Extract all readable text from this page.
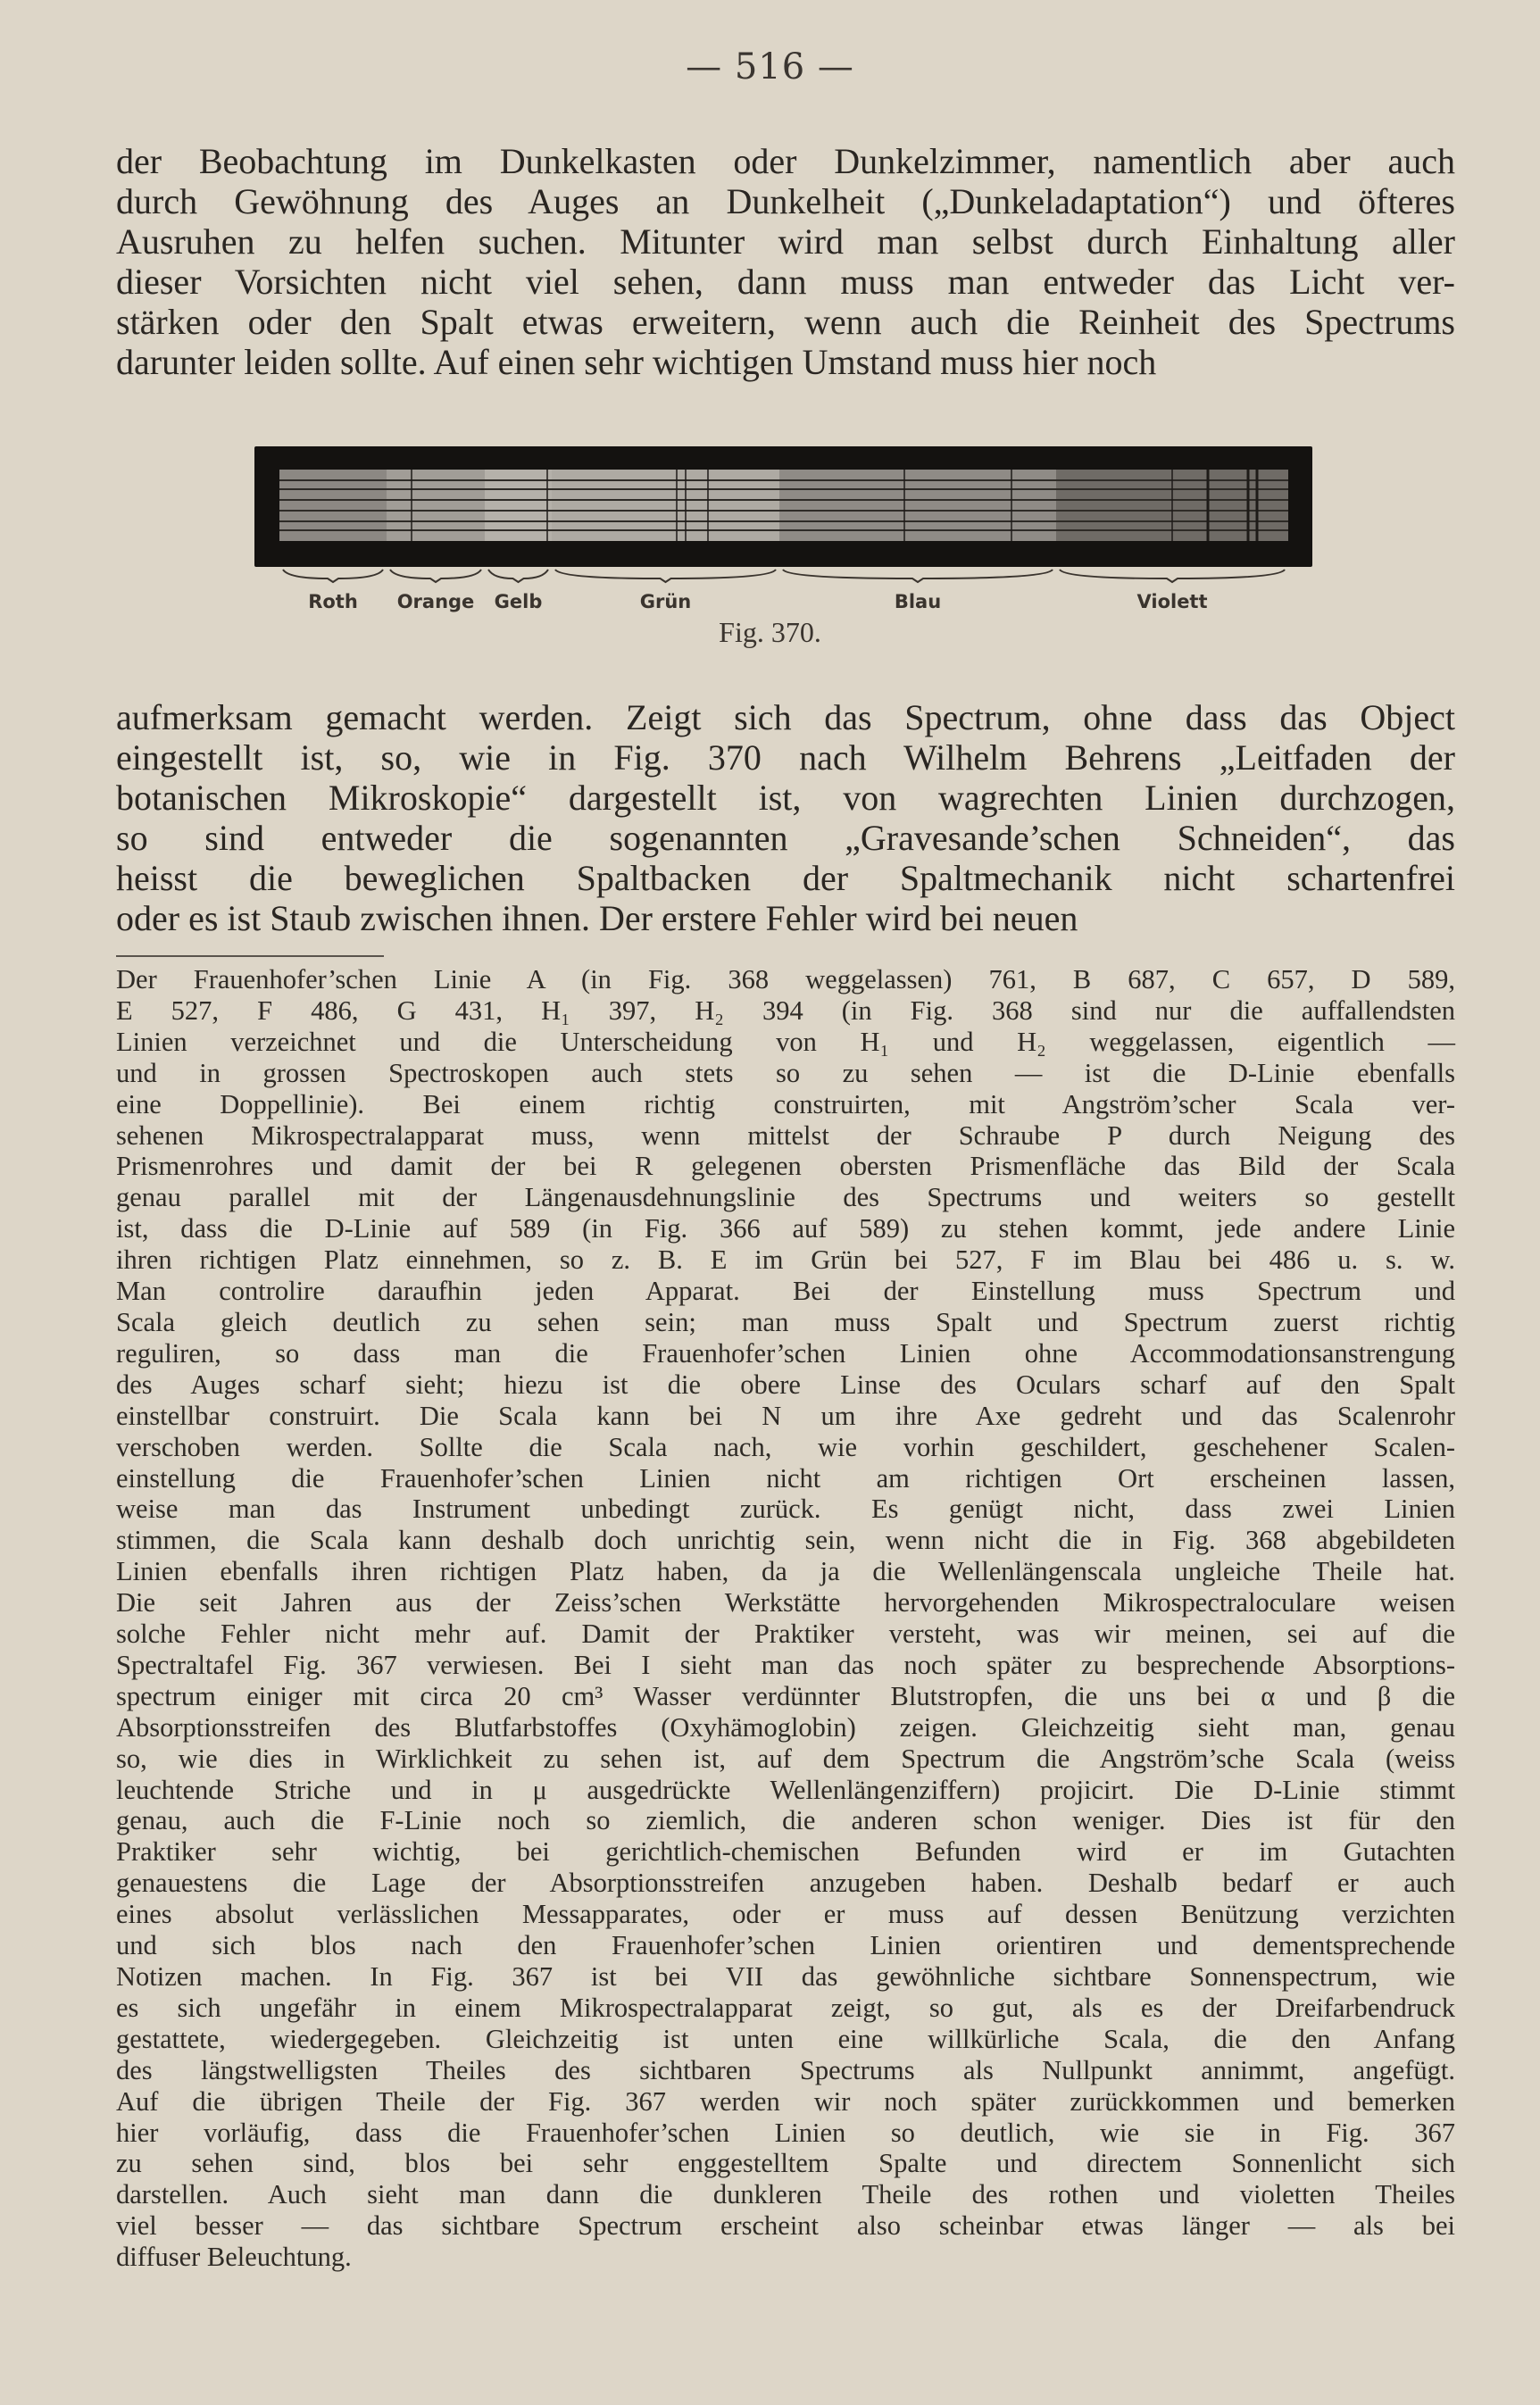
— 516 —
der Beobachtung im Dunkelkasten oder Dunkelzimmer, namentlich aber auch
durch Gewöhnung des Auges an Dunkelheit („Dunkeladaptation“) und öfteres
Ausruhen zu helfen suchen. Mitunter wird man selbst durch Einhaltung aller
dieser Vorsichten nicht viel sehen, dann muss man entweder das Licht ver-
stärken oder den Spalt etwas erweitern, wenn auch die Reinheit des Spectrums
darunter leiden sollte. Auf einen sehr wichtigen Umstand muss hier noch
Roth Orange Gelb	Grün	Blau	Violett
Fig. 370.
aufmerksam gemacht werden. Zeigt sich das Spectrum, ohne dass das Object
eingestellt ist, so, wie in Fig. 370 nach Wilhelm Behrens „Leitfaden der
botanischen Mikroskopie“ dargestellt ist, von wagrechten Linien durchzogen,
so sind entweder die sogenannten „Gravesande’schen Schneiden“, das
heisst die beweglichen Spaltbacken der Spaltmechanik nicht schartenfrei
oder es ist Staub zwischen ihnen. Der erstere Fehler wird bei neuen
Der Frauenhofer’schen Linie A (in Fig. 368 weggelassen) 761, B 687, C 657, D 589,
E 527, F 486, G 431, H₁ 397, H₂ 394 (in Fig. 368 sind nur die auffallendsten
Linien verzeichnet und die Unterscheidung von H₁ und H₂ weggelassen, eigentlich —
und in grossen Spectroskopen auch stets so zu sehen — ist die D-Linie ebenfalls
eine Doppellinie). Bei einem richtig construirten, mit Angström’scher Scala ver-
sehenen Mikrospectralapparat muss, wenn mittelst der Schraube P durch Neigung des
Prismenrohres und damit der bei R gelegenen obersten Prismenfläche das Bild der Scala
genau parallel mit der Längenausdehnungslinie des Spectrums und weiters so gestellt
ist, dass die D-Linie auf 589 (in Fig. 366 auf 589) zu stehen kommt, jede andere Linie
ihren richtigen Platz einnehmen, so z. B. E im Grün bei 527, F im Blau bei 486 u. s. w.
Man controlire daraufhin jeden Apparat. Bei der Einstellung muss Spectrum und
Scala gleich deutlich zu sehen sein; man muss Spalt und Spectrum zuerst richtig
reguliren, so dass man die Frauenhofer’schen Linien ohne Accommodationsanstrengung
des Auges scharf sieht; hiezu ist die obere Linse des Oculars scharf auf den Spalt
einstellbar construirt. Die Scala kann bei N um ihre Axe gedreht und das Scalenrohr
verschoben werden. Sollte die Scala nach, wie vorhin geschildert, geschehener Scalen-
einstellung die Frauenhofer’schen Linien nicht am richtigen Ort erscheinen lassen,
weise man das Instrument unbedingt zurück. Es genügt nicht, dass zwei Linien
stimmen, die Scala kann deshalb doch unrichtig sein, wenn nicht die in Fig. 368 abgebildeten
Linien ebenfalls ihren richtigen Platz haben, da ja die Wellenlängenscala ungleiche Theile hat.
Die seit Jahren aus der Zeiss’schen Werkstätte hervorgehenden Mikrospectraloculare weisen
solche Fehler nicht mehr auf. Damit der Praktiker versteht, was wir meinen, sei auf die
Spectraltafel Fig. 367 verwiesen. Bei I sieht man das noch später zu besprechende Absorptions-
spectrum einiger mit circa 20 cm³ Wasser verdünnter Blutstropfen, die uns bei α und β die
Absorptionsstreifen des Blutfarbstoffes (Oxyhämoglobin) zeigen. Gleichzeitig sieht man, genau
so, wie dies in Wirklichkeit zu sehen ist, auf dem Spectrum die Angström’sche Scala (weiss
leuchtende Striche und in μ ausgedrückte Wellenlängenziffern) projicirt. Die D-Linie stimmt
genau, auch die F-Linie noch so ziemlich, die anderen schon weniger. Dies ist für den
Praktiker sehr wichtig, bei gerichtlich-chemischen Befunden wird er im Gutachten
genauestens die Lage der Absorptionsstreifen anzugeben haben. Deshalb bedarf er auch
eines absolut verlässlichen Messapparates, oder er muss auf dessen Benützung verzichten
und sich blos nach den Frauenhofer’schen Linien orientiren und dementsprechende
Notizen machen. In Fig. 367 ist bei VII das gewöhnliche sichtbare Sonnenspectrum, wie
es sich ungefähr in einem Mikrospectralapparat zeigt, so gut, als es der Dreifarbendruck
gestattete, wiedergegeben. Gleichzeitig ist unten eine willkürliche Scala, die den Anfang
des längstwelligsten Theiles des sichtbaren Spectrums als Nullpunkt annimmt, angefügt.
Auf die übrigen Theile der Fig. 367 werden wir noch später zurückkommen und bemerken
hier vorläufig, dass die Frauenhofer’schen Linien so deutlich, wie sie in Fig. 367
zu sehen sind, blos bei sehr enggestelltem Spalte und directem Sonnenlicht sich
darstellen. Auch sieht man dann die dunkleren Theile des rothen und violetten Theiles
viel besser — das sichtbare Spectrum erscheint also scheinbar etwas länger — als bei
diffuser Beleuchtung.
